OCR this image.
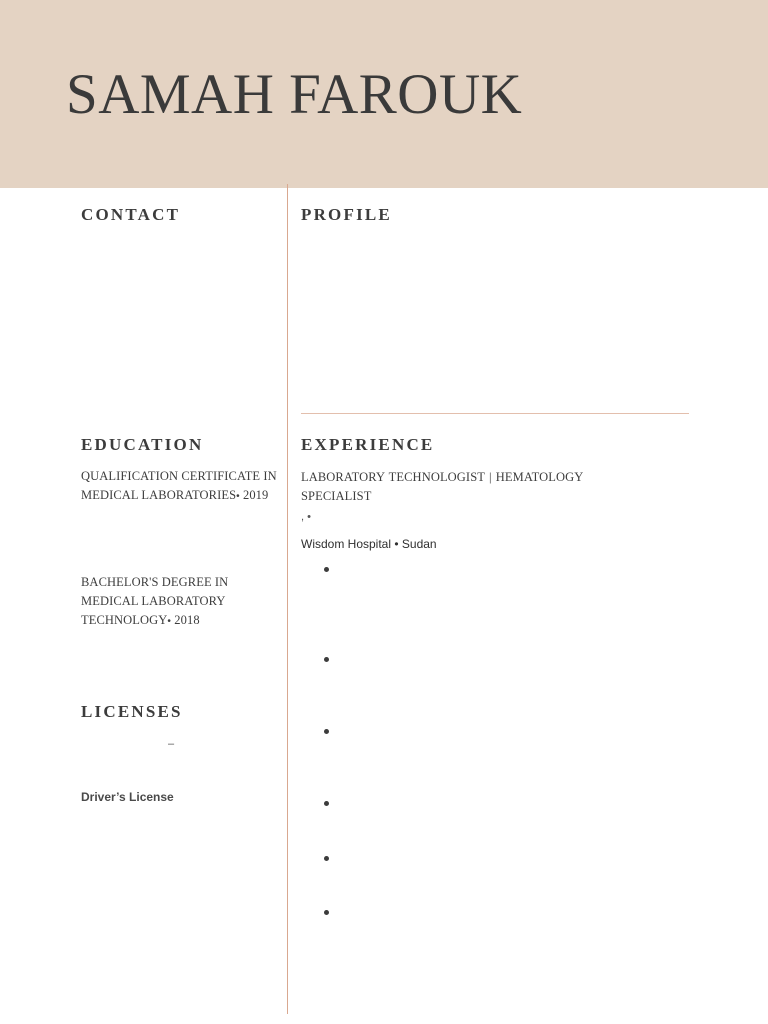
SAMAH FAROUK
CONTACT
EDUCATION
QUALIFICATION CERTIFICATE IN MEDICAL LABORATORIES• 2019
BACHELOR'S DEGREE IN MEDICAL LABORATORY TECHNOLOGY• 2018
LICENSES
–
Driver’s License
PROFILE
EXPERIENCE
LABORATORY TECHNOLOGIST | HEMATOLOGY SPECIALIST
, •
Wisdom Hospital • Sudan
